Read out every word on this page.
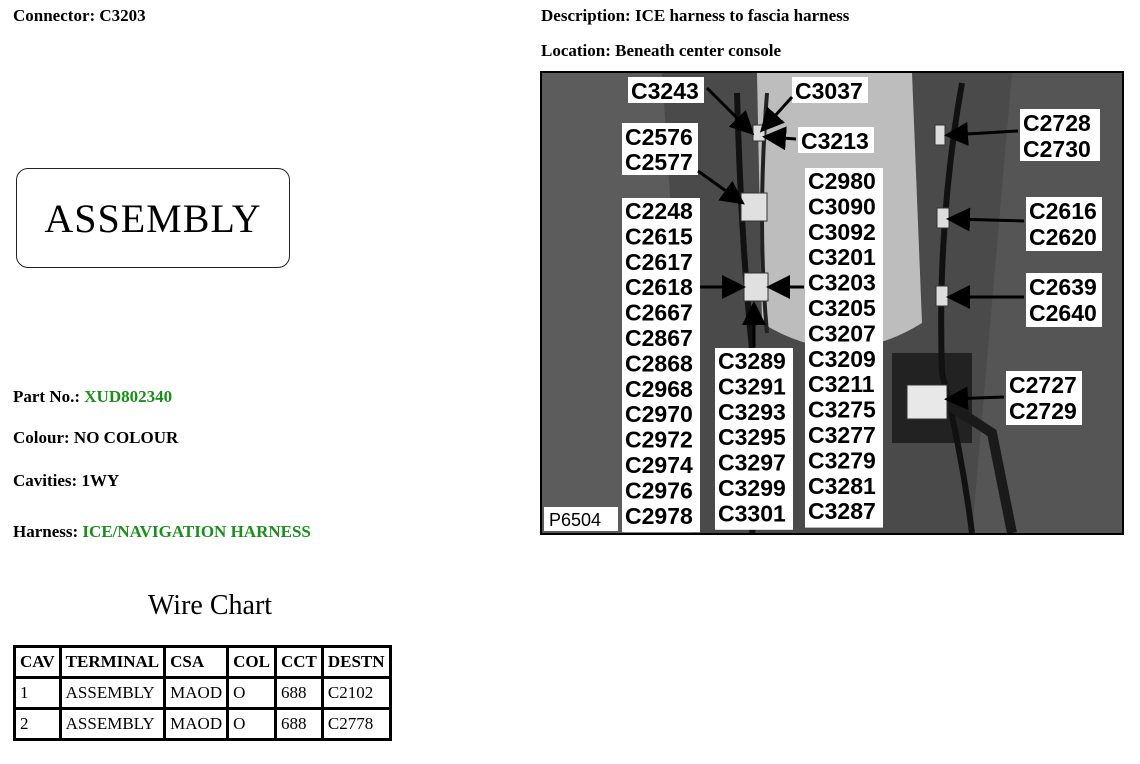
Connector: C3203	Description: ICE harness to fascia harness
Location: Beneath center console
ASSEMBLY
Part No.: XUD802340
Colour: NO COLOUR
Cavities: 1WY
Harness: ICE/NAVIGATION HARNESS
Wire Chart
CAV	TERMINAL	CSA	COL	CCT	DESTN
1	ASSEMBLY	MAOD	O	688	C2102
2	ASSEMBLY	MAOD	O	688	C2778
C3243	C3037
C3213
C2576
C2577
C2728
C2730
C2616
C2620
C2639
C2640
C2727
C2729
C2248
C2615
C2617
C2618
C2667
C2867
C2868
C2968
C2970
C2972
C2974
C2976
C2978
C3289
C3291
C3293
C3295
C3297
C3299
C3301
C2980
C3090
C3092
C3201
C3203
C3205
C3207
C3209
C3211
C3275
C3277
C3279
C3281
C3287
P6504
